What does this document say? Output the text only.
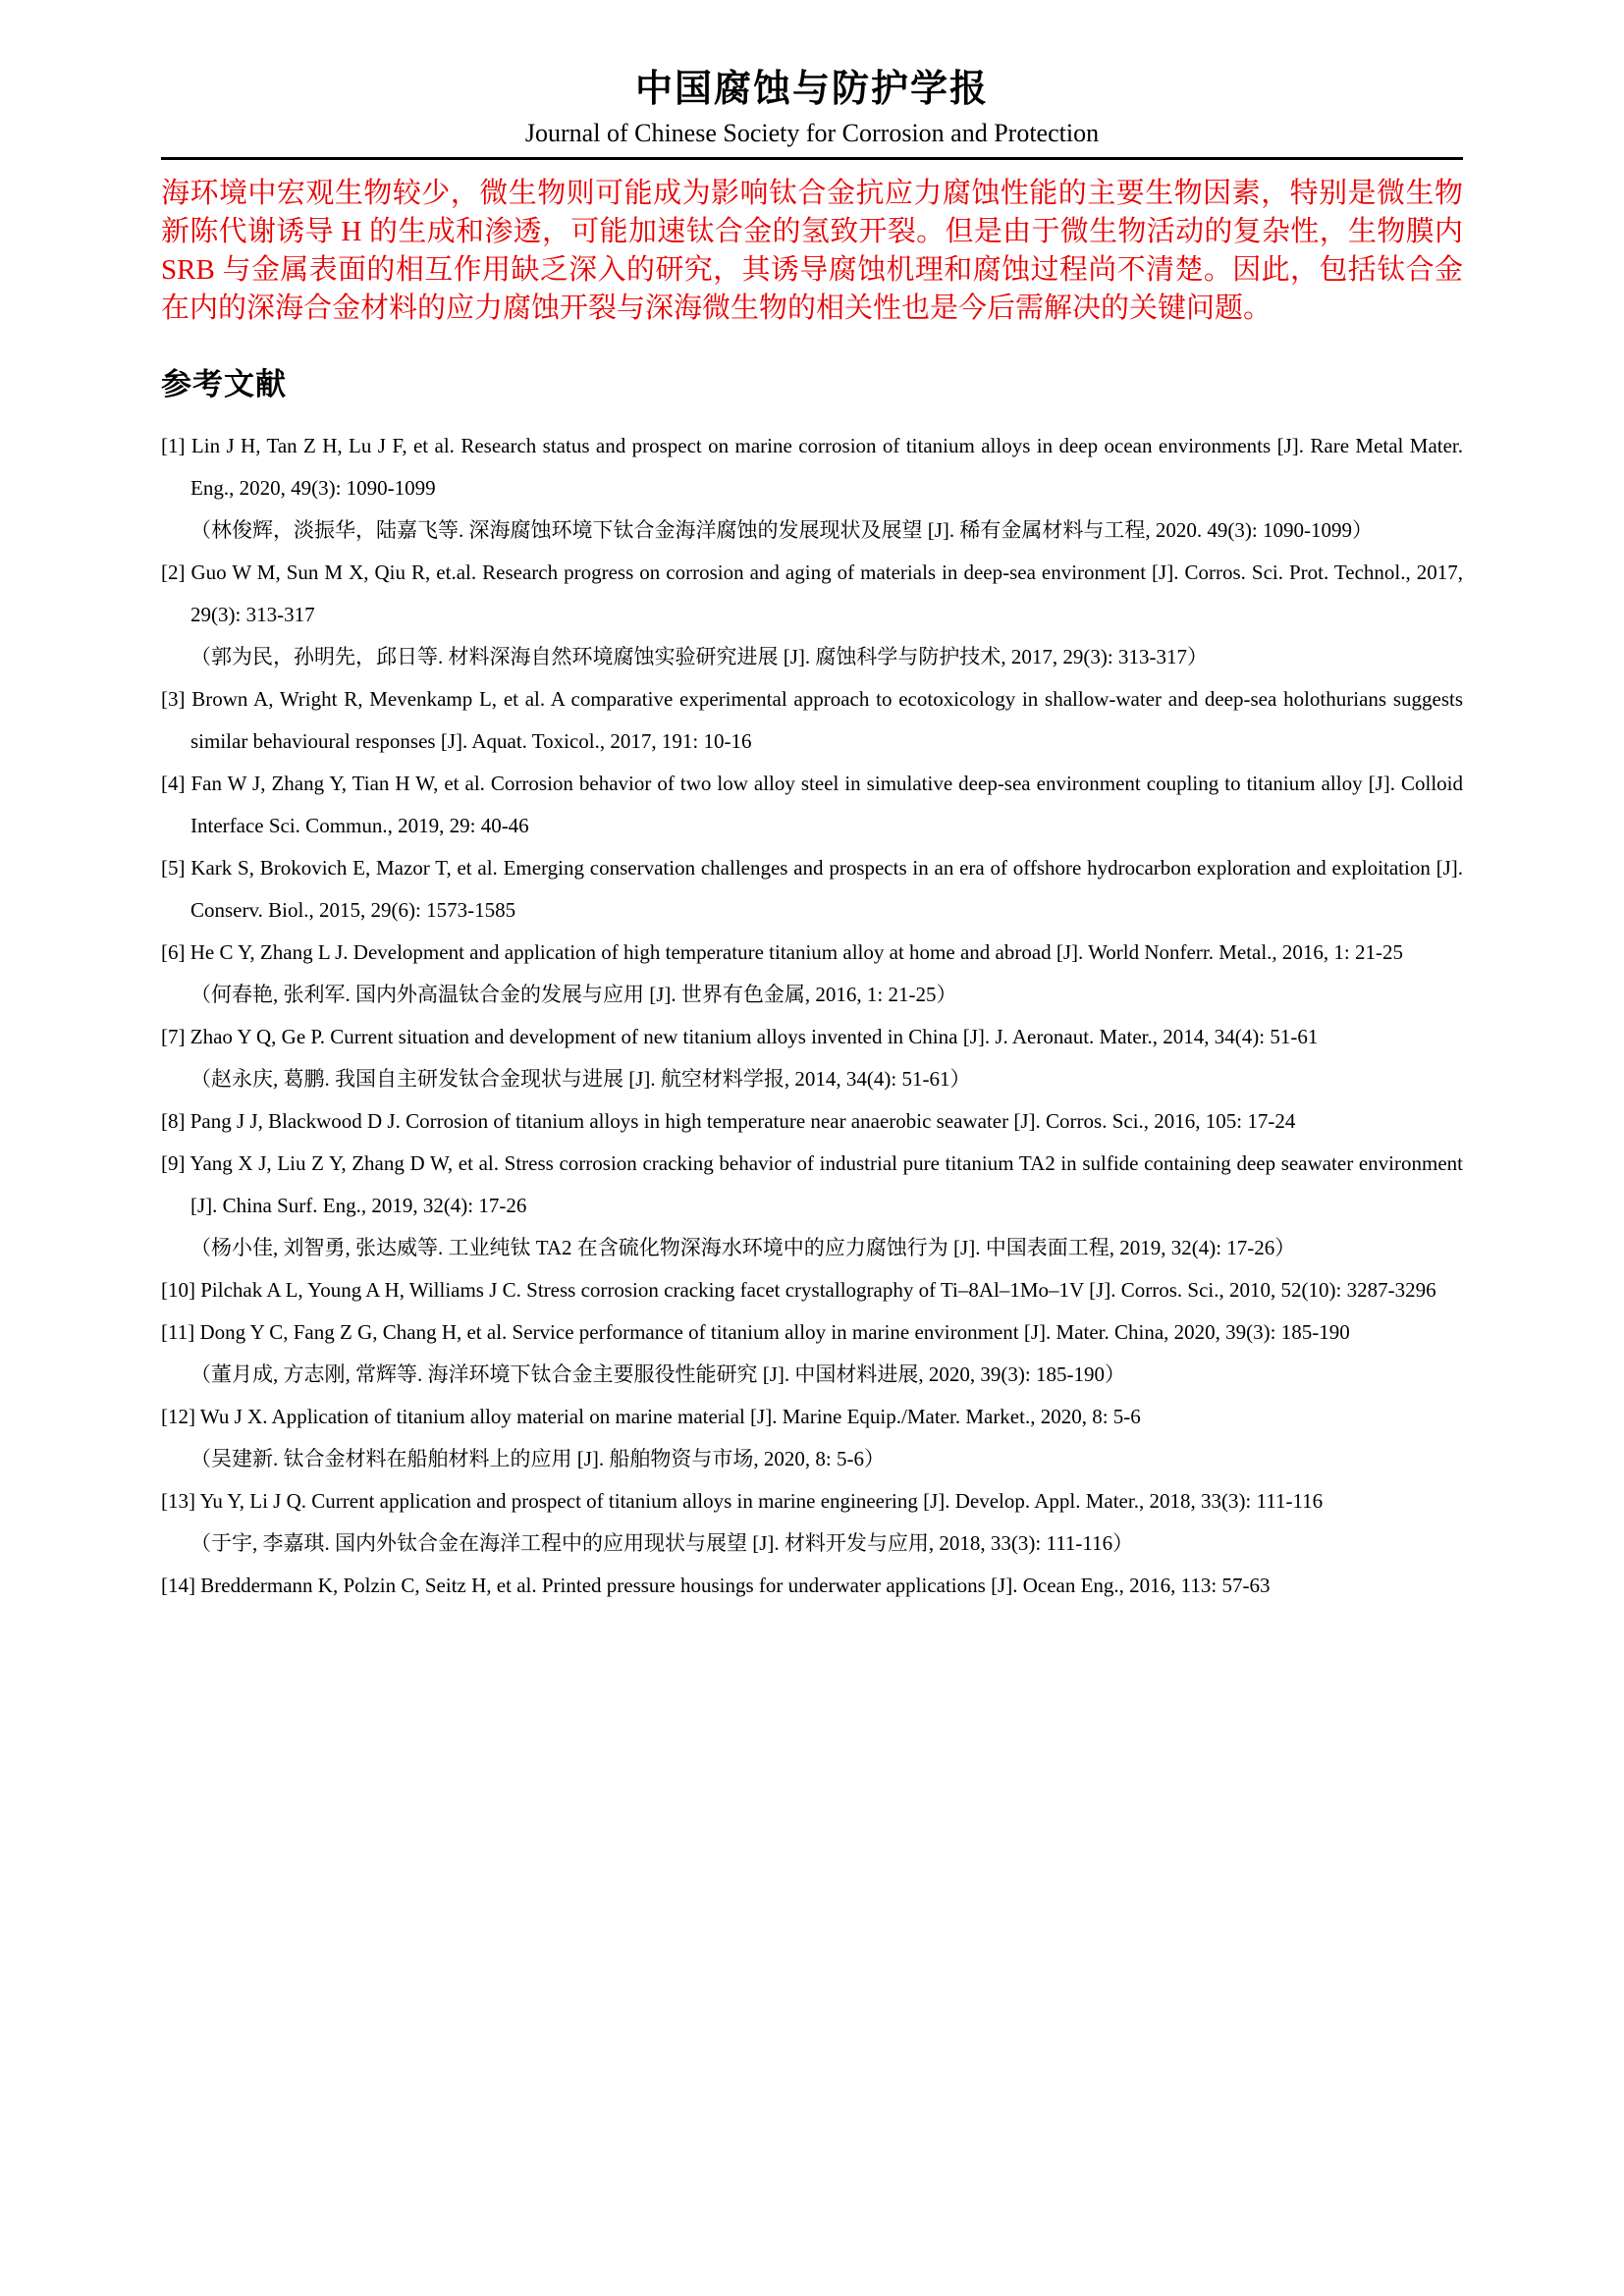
中国腐蚀与防护学报
Journal of Chinese Society for Corrosion and Protection

海环境中宏观生物较少，微生物则可能成为影响钛合金抗应力腐蚀性能的主要生物因素，特别是微生物新陈代谢诱导 H 的生成和渗透，可能加速钛合金的氢致开裂。但是由于微生物活动的复杂性，生物膜内 SRB 与金属表面的相互作用缺乏深入的研究，其诱导腐蚀机理和腐蚀过程尚不清楚。因此，包括钛合金在内的深海合金材料的应力腐蚀开裂与深海微生物的相关性也是今后需解决的关键问题。

参考文献

[1] Lin J H, Tan Z H, Lu J F, et al. Research status and prospect on marine corrosion of titanium alloys in deep ocean environments [J]. Rare Metal Mater. Eng., 2020, 49(3): 1090-1099

（林俊辉，淡振华，陆嘉飞等. 深海腐蚀环境下钛合金海洋腐蚀的发展现状及展望 [J]. 稀有金属材料与工程, 2020. 49(3): 1090-1099）

[2] Guo W M, Sun M X, Qiu R, et.al. Research progress on corrosion and aging of materials in deep-sea environment [J]. Corros. Sci. Prot. Technol., 2017, 29(3): 313-317

（郭为民，孙明先，邱日等. 材料深海自然环境腐蚀实验研究进展 [J]. 腐蚀科学与防护技术, 2017, 29(3): 313-317）

[3] Brown A, Wright R, Mevenkamp L, et al. A comparative experimental approach to ecotoxicology in shallow-water and deep-sea holothurians suggests similar behavioural responses [J]. Aquat. Toxicol., 2017, 191: 10-16

[4] Fan W J, Zhang Y, Tian H W, et al. Corrosion behavior of two low alloy steel in simulative deep-sea environment coupling to titanium alloy [J]. Colloid Interface Sci. Commun., 2019, 29: 40-46

[5] Kark S, Brokovich E, Mazor T, et al. Emerging conservation challenges and prospects in an era of offshore hydrocarbon exploration and exploitation [J]. Conserv. Biol., 2015, 29(6): 1573-1585

[6] He C Y, Zhang L J. Development and application of high temperature titanium alloy at home and abroad [J]. World Nonferr. Metal., 2016, 1: 21-25

（何春艳, 张利军. 国内外高温钛合金的发展与应用 [J]. 世界有色金属, 2016, 1: 21-25）

[7] Zhao Y Q, Ge P. Current situation and development of new titanium alloys invented in China [J]. J. Aeronaut. Mater., 2014, 34(4): 51-61

（赵永庆, 葛鹏. 我国自主研发钛合金现状与进展 [J]. 航空材料学报, 2014, 34(4): 51-61）

[8] Pang J J, Blackwood D J. Corrosion of titanium alloys in high temperature near anaerobic seawater [J]. Corros. Sci., 2016, 105: 17-24

[9] Yang X J, Liu Z Y, Zhang D W, et al. Stress corrosion cracking behavior of industrial pure titanium TA2 in sulfide containing deep seawater environment [J]. China Surf. Eng., 2019, 32(4): 17-26

（杨小佳, 刘智勇, 张达威等. 工业纯钛 TA2 在含硫化物深海水环境中的应力腐蚀行为 [J]. 中国表面工程, 2019, 32(4): 17-26）

[10] Pilchak A L, Young A H, Williams J C. Stress corrosion cracking facet crystallography of Ti–8Al–1Mo–1V [J]. Corros. Sci., 2010, 52(10): 3287-3296

[11] Dong Y C, Fang Z G, Chang H, et al. Service performance of titanium alloy in marine environment [J]. Mater. China, 2020, 39(3): 185-190

（董月成, 方志刚, 常辉等. 海洋环境下钛合金主要服役性能研究 [J]. 中国材料进展, 2020, 39(3): 185-190）

[12] Wu J X. Application of titanium alloy material on marine material [J]. Marine Equip./Mater. Market., 2020, 8: 5-6

（吴建新. 钛合金材料在船舶材料上的应用 [J]. 船舶物资与市场, 2020, 8: 5-6）

[13] Yu Y, Li J Q. Current application and prospect of titanium alloys in marine engineering [J]. Develop. Appl. Mater., 2018, 33(3): 111-116

（于宇, 李嘉琪. 国内外钛合金在海洋工程中的应用现状与展望 [J]. 材料开发与应用, 2018, 33(3): 111-116）

[14] Breddermann K, Polzin C, Seitz H, et al. Printed pressure housings for underwater applications [J]. Ocean Eng., 2016, 113: 57-63
